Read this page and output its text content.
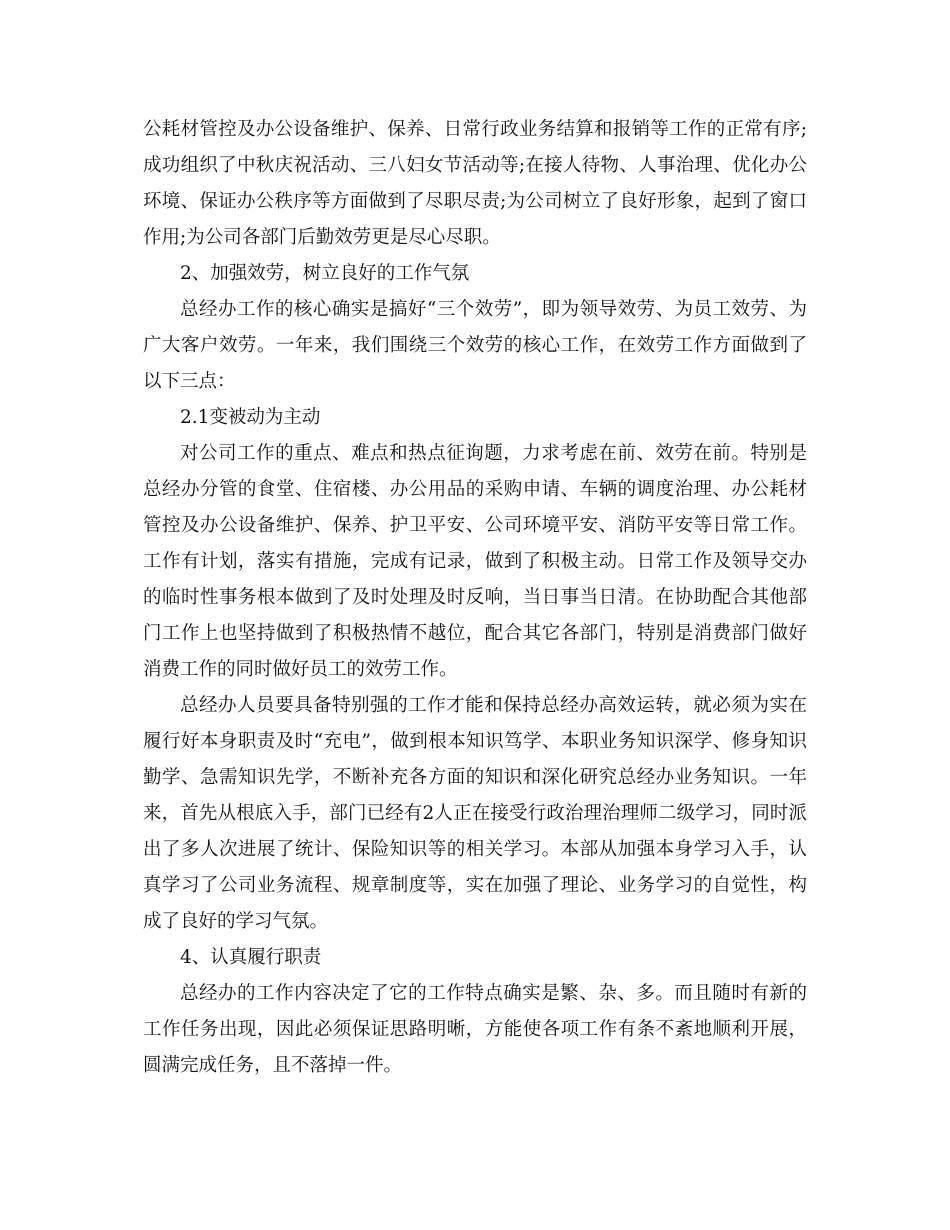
公耗材管控及办公设备维护、保养、日常行政业务结算和报销等工作的正常有序;成功组织了中秋庆祝活动、三八妇女节活动等;在接人待物、人事治理、优化办公环境、保证办公秩序等方面做到了尽职尽责;为公司树立了良好形象，起到了窗口作用;为公司各部门后勤效劳更是尽心尽职。

2、加强效劳，树立良好的工作气氛

总经办工作的核心确实是搞好“三个效劳”，即为领导效劳、为员工效劳、为广大客户效劳。一年来，我们围绕三个效劳的核心工作，在效劳工作方面做到了以下三点：

2.1变被动为主动

对公司工作的重点、难点和热点征询题，力求考虑在前、效劳在前。特别是总经办分管的食堂、住宿楼、办公用品的采购申请、车辆的调度治理、办公耗材管控及办公设备维护、保养、护卫平安、公司环境平安、消防平安等日常工作。工作有计划，落实有措施，完成有记录，做到了积极主动。日常工作及领导交办的临时性事务根本做到了及时处理及时反响，当日事当日清。在协助配合其他部门工作上也坚持做到了积极热情不越位，配合其它各部门，特别是消费部门做好消费工作的同时做好员工的效劳工作。

总经办人员要具备特别强的工作才能和保持总经办高效运转，就必须为实在履行好本身职责及时“充电”，做到根本知识笃学、本职业务知识深学、修身知识勤学、急需知识先学，不断补充各方面的知识和深化研究总经办业务知识。一年来，首先从根底入手，部门已经有2人正在接受行政治理治理师二级学习，同时派出了多人次进展了统计、保险知识等的相关学习。本部从加强本身学习入手，认真学习了公司业务流程、规章制度等，实在加强了理论、业务学习的自觉性，构成了良好的学习气氛。

4、认真履行职责

总经办的工作内容决定了它的工作特点确实是繁、杂、多。而且随时有新的工作任务出现，因此必须保证思路明晰，方能使各项工作有条不紊地顺利开展，圆满完成任务，且不落掉一件。
